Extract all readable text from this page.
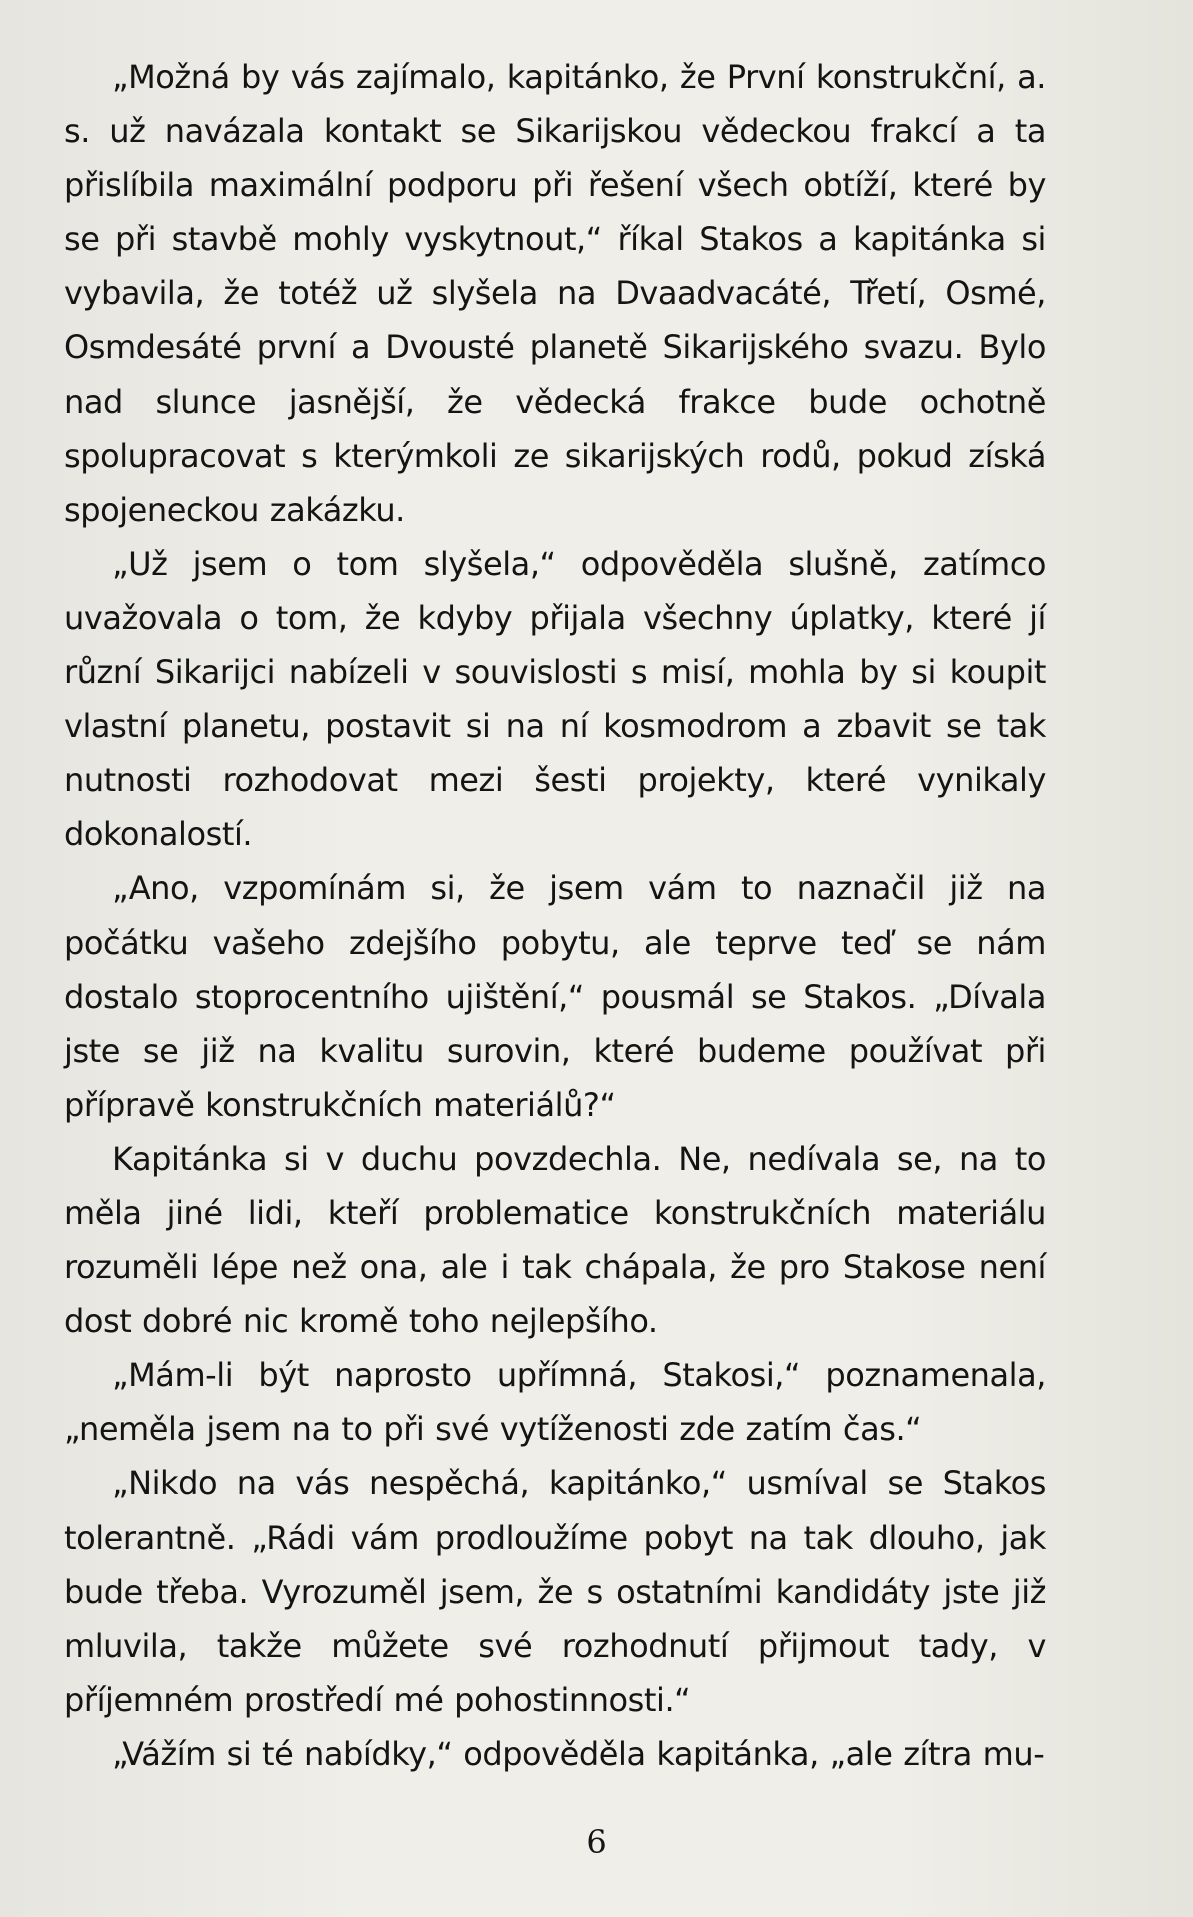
„Možná by vás zajímalo, kapitánko, že První konstrukční, a. s. už navázala kontakt se Sikarijskou vědeckou frakcí a ta přislíbila maximální podporu při řešení všech obtíží, které by se při stavbě mohly vyskytnout,“ říkal Stakos a kapitánka si vybavila, že totéž už slyšela na Dvaadvacáté, Třetí, Osmé, Osmdesáté první a Dvousté planetě Sikarijského svazu. Bylo nad slunce jasnější, že vědecká frakce bude ochotně spolupracovat s kterýmkoli ze sikarijských rodů, pokud získá spojeneckou zakázku.

„Už jsem o tom slyšela,“ odpověděla slušně, zatímco uvažovala o tom, že kdyby přijala všechny úplatky, které jí různí Sikarijci nabízeli v souvislosti s misí, mohla by si koupit vlastní planetu, postavit si na ní kosmodrom a zbavit se tak nutnosti rozhodovat mezi šesti projekty, které vynikaly dokonalostí.

„Ano, vzpomínám si, že jsem vám to naznačil již na počátku vašeho zdejšího pobytu, ale teprve teď se nám dostalo stoprocentního ujištění,“ pousmál se Stakos. „Dívala jste se již na kvalitu surovin, které budeme používat při přípravě konstrukčních materiálů?“

Kapitánka si v duchu povzdechla. Ne, nedívala se, na to měla jiné lidi, kteří problematice konstrukčních materiálu rozuměli lépe než ona, ale i tak chápala, že pro Stakose není dost dobré nic kromě toho nejlepšího.

„Mám-li být naprosto upřímná, Stakosi,“ poznamenala, „neměla jsem na to při své vytíženosti zde zatím čas.“

„Nikdo na vás nespěchá, kapitánko,“ usmíval se Stakos tolerantně. „Rádi vám prodloužíme pobyt na tak dlouho, jak bude třeba. Vyrozuměl jsem, že s ostatními kandidáty jste již mluvila, takže můžete své rozhodnutí přijmout tady, v příjemném prostředí mé pohostinnosti.“

„Vážím si té nabídky,“ odpověděla kapitánka, „ale zítra mu-

6
